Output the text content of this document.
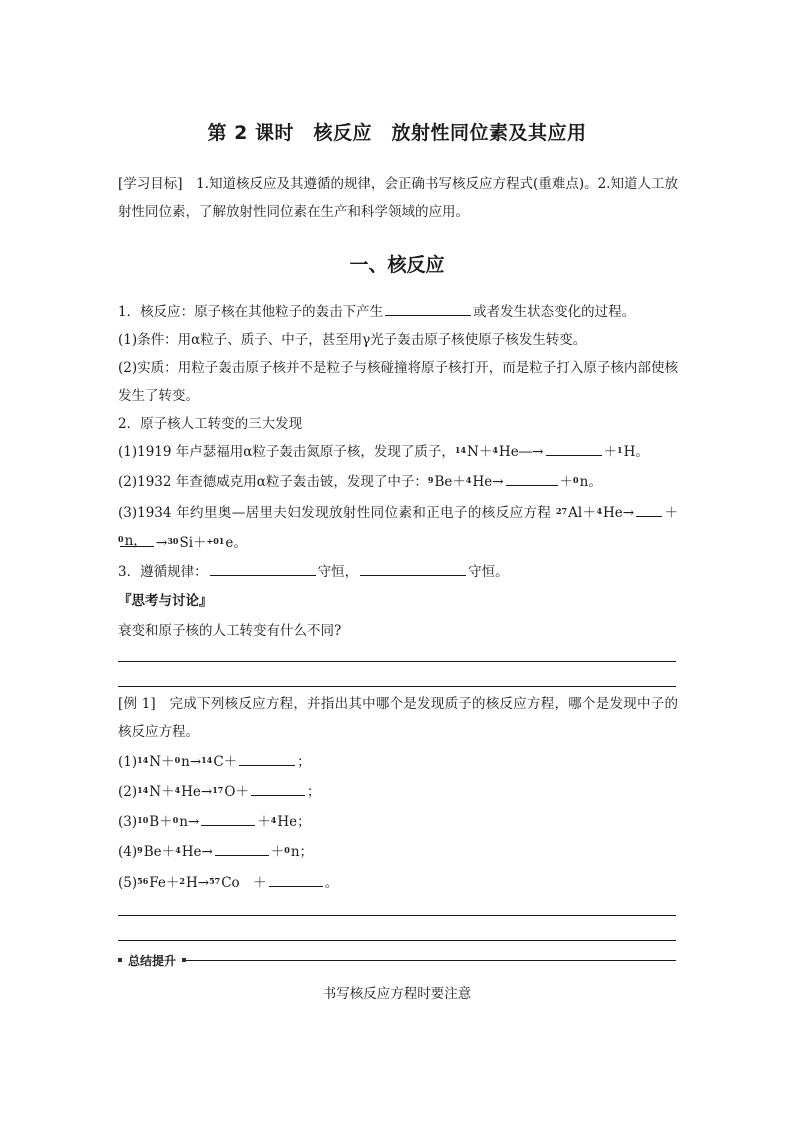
第 2 课时　核反应　放射性同位素及其应用
[学习目标]　1.知道核反应及其遵循的规律，会正确书写核反应方程式(重难点)。2.知道人工放射性同位素，了解放射性同位素在生产和科学领域的应用。
一、核反应
1．核反应：原子核在其他粒子的轰击下产生	或者发生状态变化的过程。
(1)条件：用α粒子、质子、中子，甚至用γ光子轰击原子核使原子核发生转变。
(2)实质：用粒子轰击原子核并不是粒子与核碰撞将原子核打开，而是粒子打入原子核内部使核发生了转变。
2．原子核人工转变的三大发现
(1)1919 年卢瑟福用α粒子轰击氮原子核，发现了质子，$^{14}$N＋$^4$He―→	＋$^1$H。
(2)1932 年查德威克用α粒子轰击铍，发现了中子：$^9$Be＋$^4$He→	＋$^0$n。
(3)1934 年约里奥—居里夫妇发现放射性同位素和正电子的核反应方程 $^{27}$Al＋$^4$He→ ＋$^0$n， →$^{30}$Si＋$^{+01}$e。
3．遵循规律：	守恒，	守恒。
『思考与讨论』
衰变和原子核的人工转变有什么不同?
[例 1]　完成下列核反应方程，并指出其中哪个是发现质子的核反应方程，哪个是发现中子的核反应方程。
$(1)^{14}N+^0n\to^{14}C+$	；
$(2)^{14}N+^4He\to^{17}O+$	；
$(3)^{10}B+^0n\to$	＋$^4$He；
$(4)^9Be+^4He\to$	＋$^0$n；
$(5)^{56}Fe+^2H\to^{57}Co$　＋	。
总结提升
书写核反应方程时要注意
